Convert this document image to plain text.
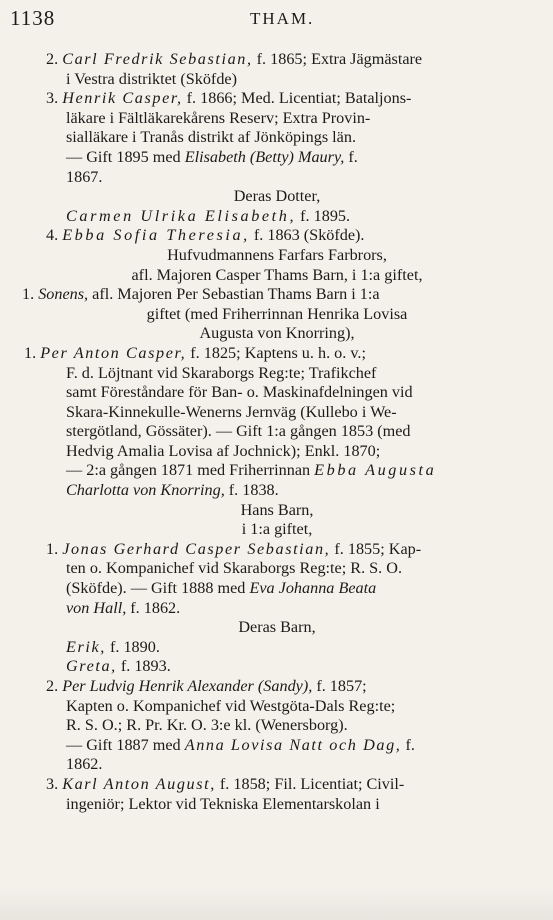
1138	THAM.
2. Carl Fredrik Sebastian, f. 1865; Extra Jägmästare
i Vestra distriktet (Sköfde)
3. Henrik Casper, f. 1866; Med. Licentiat; Bataljons-
läkare i Fältläkarekårens Reserv; Extra Provin-
sialläkare i Tranås distrikt af Jönköpings län.
— Gift 1895 med Elisabeth (Betty) Maury, f.
1867.
Deras Dotter,
Carmen Ulrika Elisabeth, f. 1895.
4. Ebba Sofia Theresia, f. 1863 (Sköfde).
Hufvudmannens Farfars Farbrors,
afl. Majoren Casper Thams Barn, i 1:a giftet,
1. Sonens, afl. Majoren Per Sebastian Thams Barn i 1:a
giftet (med Friherrinnan Henrika Lovisa
Augusta von Knorring),
1. Per Anton Casper, f. 1825; Kaptens u. h. o. v.;
F. d. Löjtnant vid Skaraborgs Reg:te; Trafikchef
samt Föreståndare för Ban- o. Maskinafdelningen vid
Skara-Kinnekulle-Wenerns Jernväg (Kullebo i We-
stergötland, Gössäter). — Gift 1:a gången 1853 (med
Hedvig Amalia Lovisa af Jochnick); Enkl. 1870;
— 2:a gången 1871 med Friherrinnan Ebba Augusta
Charlotta von Knorring, f. 1838.
Hans Barn,
i 1:a giftet,
1. Jonas Gerhard Casper Sebastian, f. 1855; Kap-
ten o. Kompanichef vid Skaraborgs Reg:te; R. S. O.
(Sköfde). — Gift 1888 med Eva Johanna Beata
von Hall, f. 1862.
Deras Barn,
Erik, f. 1890.
Greta, f. 1893.
2. Per Ludvig Henrik Alexander (Sandy), f. 1857;
Kapten o. Kompanichef vid Westgöta-Dals Reg:te;
R. S. O.; R. Pr. Kr. O. 3:e kl. (Wenersborg).
— Gift 1887 med Anna Lovisa Natt och Dag, f.
1862.
3. Karl Anton August, f. 1858; Fil. Licentiat; Civil-
ingeniör; Lektor vid Tekniska Elementarskolan i
